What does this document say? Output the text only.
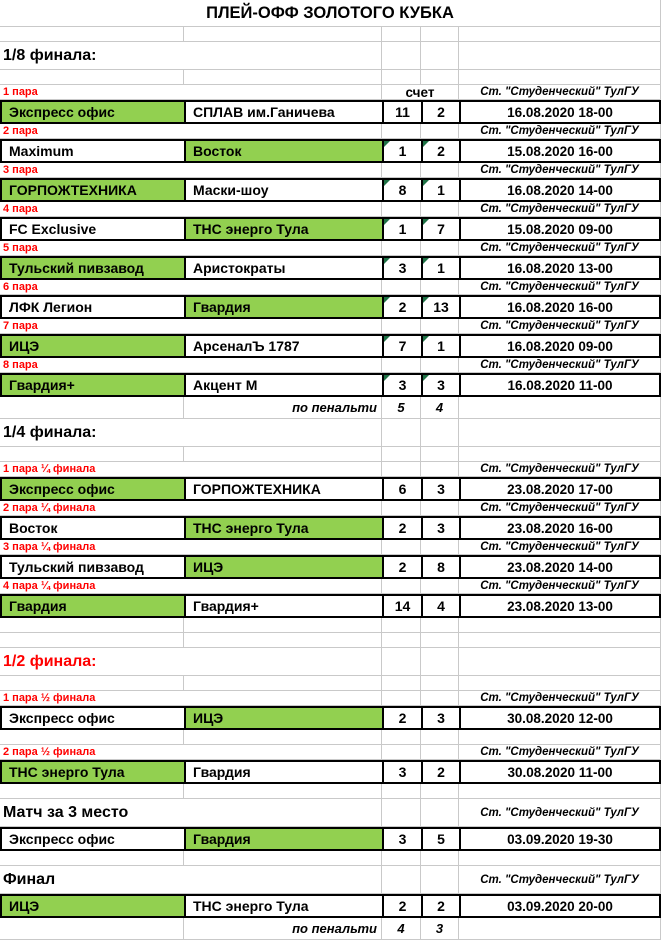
ПЛЕЙ-ОФФ ЗОЛОТОГО КУБКА
1/8 финала:
1 пара	счет	Ст. "Студенческий" ТулГУ
Экспресс офис	СПЛАВ им.Ганичева	11	2	16.08.2020 18-00
2 пара	Ст. "Студенческий" ТулГУ
Maximum	Восток	1	2	15.08.2020 16-00
3 пара	Ст. "Студенческий" ТулГУ
ГОРПОЖТЕХНИКА	Маски-шоу	8	1	16.08.2020 14-00
4 пара	Ст. "Студенческий" ТулГУ
FC Exclusive	ТНС энерго Тула	1	7	15.08.2020 09-00
5 пара	Ст. "Студенческий" ТулГУ
Тульский пивзавод	Аристократы	3	1	16.08.2020 13-00
6 пара	Ст. "Студенческий" ТулГУ
ЛФК Легион	Гвардия	2	13	16.08.2020 16-00
7 пара	Ст. "Студенческий" ТулГУ
ИЦЭ	АрсеналЪ 1787	7	1	16.08.2020 09-00
8 пара	Ст. "Студенческий" ТулГУ
Гвардия+	Акцент М	3	3	16.08.2020 11-00
по пенальти	5	4
1/4 финала:
1 пара ¼ финала	Ст. "Студенческий" ТулГУ
Экспресс офис	ГОРПОЖТЕХНИКА	6	3	23.08.2020 17-00
2 пара ¼ финала	Ст. "Студенческий" ТулГУ
Восток	ТНС энерго Тула	2	3	23.08.2020 16-00
3 пара ¼ финала	Ст. "Студенческий" ТулГУ
Тульский пивзавод	ИЦЭ	2	8	23.08.2020 14-00
4 пара ¼ финала	Ст. "Студенческий" ТулГУ
Гвардия	Гвардия+	14	4	23.08.2020 13-00
1/2 финала:
1 пара ½ финала	Ст. "Студенческий" ТулГУ
Экспресс офис	ИЦЭ	2	3	30.08.2020 12-00
2 пара ½ финала	Ст. "Студенческий" ТулГУ
ТНС энерго Тула	Гвардия	3	2	30.08.2020 11-00
Матч за 3 место	Ст. "Студенческий" ТулГУ
Экспресс офис	Гвардия	3	5	03.09.2020 19-30
Финал	Ст. "Студенческий" ТулГУ
ИЦЭ	ТНС энерго Тула	2	2	03.09.2020 20-00
по пенальти	4	3
